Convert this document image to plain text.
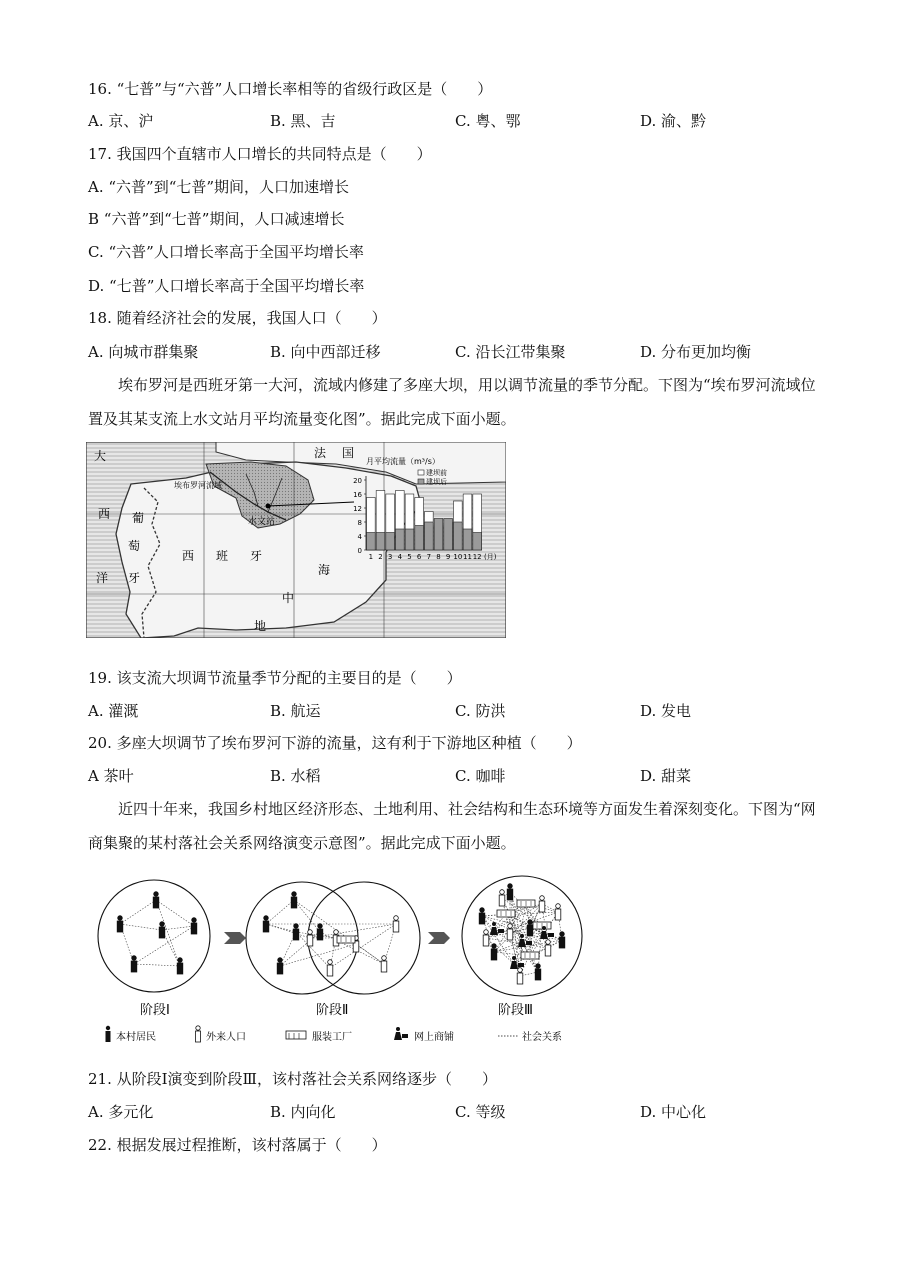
16. “七普”与“六普”人口增长率相等的省级行政区是（　　）
A. 京、沪	B. 黑、吉	C. 粤、鄂	D. 渝、黔
17. 我国四个直辖市人口增长的共同特点是（　　）
A. “六普”到“七普”期间，人口加速增长
B “六普”到“七普”期间，人口减速增长
C. “六普”人口增长率高于全国平均增长率
D. “七普”人口增长率高于全国平均增长率
18. 随着经济社会的发展，我国人口（　　）
A. 向城市群集聚	B. 向中西部迁移	C. 沿长江带集聚	D. 分布更加均衡
埃布罗河是西班牙第一大河，流域内修建了多座大坝，用以调节流量的季节分配。下图为“埃布罗河流域位置及其某支流上水文站月平均流量变化图”。据此完成下面小题。
大
西
洋
葡
萄
牙
法 国
西 班 牙
地
中
海
埃布罗河流域
水文站
月平均流量（m³/s）
0
4
8
12
16
20
1 2 3 4 5 6 7 8 9 10 11 12 (月)
建坝前
建坝后
19. 该支流大坝调节流量季节分配的主要目的是（　　）
A. 灌溉	B. 航运	C. 防洪	D. 发电
20. 多座大坝调节了埃布罗河下游的流量，这有利于下游地区种植（　　）
A 茶叶	B. 水稻	C. 咖啡	D. 甜菜
近四十年来，我国乡村地区经济形态、土地利用、社会结构和生态环境等方面发生着深刻变化。下图为“网商集聚的某村落社会关系网络演变示意图”。据此完成下面小题。
阶段Ⅰ	阶段Ⅱ	阶段Ⅲ
本村居民	外来人口	服装工厂	网上商铺	社会关系
21. 从阶段Ⅰ演变到阶段Ⅲ，该村落社会关系网络逐步（　　）
A. 多元化	B. 内向化	C. 等级	D. 中心化
22. 根据发展过程推断，该村落属于（　　）
